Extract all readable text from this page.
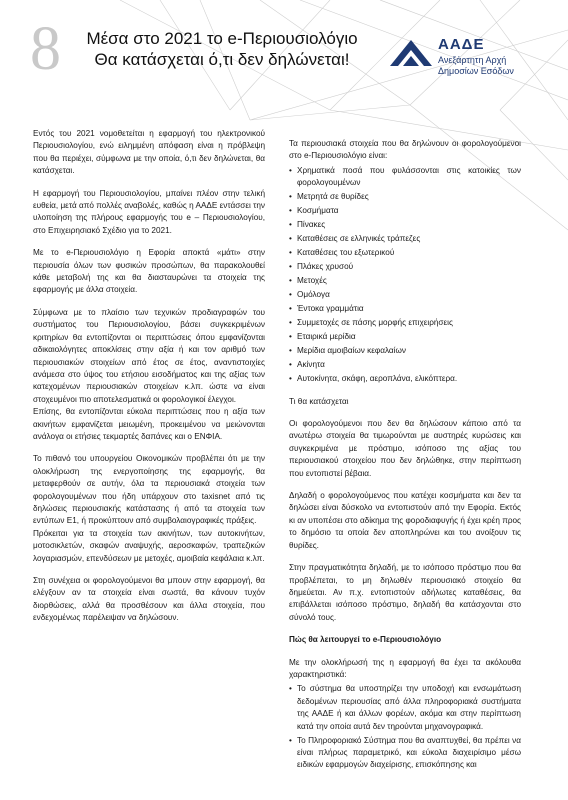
8	Μέσα στο 2021 το e-Περιουσιολόγιο
Θα κατάσχεται ό,τι δεν δηλώνεται!
ΑΑΔΕ
Ανεξάρτητη Αρχή
Δημοσίων Εσόδων

Εντός του 2021 νομοθετείται η εφαρμογή του ηλεκτρονικού Περιουσιολογίου, ενώ ειλημμένη απόφαση είναι η πρόβλεψη που θα περιέχει, σύμφωνα με την οποία, ό,τι δεν δηλώνεται, θα κατάσχεται.

Η εφαρμογή του Περιουσιολογίου, μπαίνει πλέον στην τελική ευθεία, μετά από πολλές αναβολές, καθώς η ΑΑΔΕ εντάσσει την υλοποίηση της πλήρους εφαρμογής του e – Περιουσιολογίου, στο Επιχειρησιακό Σχέδιο για το 2021.

Με το e-Περιουσιολόγιο η Εφορία αποκτά «μάτι» στην περιουσία όλων των φυσικών προσώπων, θα παρακολουθεί κάθε μεταβολή της και θα διασταυρώνει τα στοιχεία της εφαρμογής με άλλα στοιχεία.

Σύμφωνα με το πλαίσιο των τεχνικών προδιαγραφών του συστήματος του Περιουσιολογίου, βάσει συγκεκριμένων κριτηρίων θα εντοπίζονται οι περιπτώσεις όπου εμφανίζονται αδικαιολόγητες αποκλίσεις στην αξία ή και τον αριθμό των περιουσιακών στοιχείων από έτος σε έτος, αναντιστοιχίες ανάμεσα στο ύψος του ετήσιου εισοδήματος και της αξίας των κατεχομένων περιουσιακών στοιχείων κ.λπ. ώστε να είναι στοχευμένοι πιο αποτελεσματικά οι φορολογικοί έλεγχοι.

Επίσης, θα εντοπίζονται εύκολα περιπτώσεις που η αξία των ακινήτων εμφανίζεται μειωμένη, προκειμένου να μειώνονται ανάλογα οι ετήσιες τεκμαρτές δαπάνες και ο ΕΝΦΙΑ.

Το πιθανό του υπουργείου Οικονομικών προβλέπει ότι με την ολοκλήρωση της ενεργοποίησης της εφαρμογής, θα μεταφερθούν σε αυτήν, όλα τα περιουσιακά στοιχεία των φορολογουμένων που ήδη υπάρχουν στο taxisnet από τις δηλώσεις περιουσιακής κατάστασης ή από τα στοιχεία των εντύπων Ε1, ή προκύπτουν από συμβολαιογραφικές πράξεις.

Πρόκειται για τα στοιχεία των ακινήτων, των αυτοκινήτων, μοτοσικλετών, σκαφών αναψυχής, αεροσκαφών, τραπεζικών λογαριασμών, επενδύσεων με μετοχές, αμοιβαία κεφάλαια κ.λπ.

Στη συνέχεια οι φορολογούμενοι θα μπουν στην εφαρμογή, θα ελέγξουν αν τα στοιχεία είναι σωστά, θα κάνουν τυχόν διορθώσεις, αλλά θα προσθέσουν και άλλα στοιχεία, που ενδεχομένως παρέλειψαν να δηλώσουν.

Τα περιουσιακά στοιχεία που θα δηλώνουν οι φορολογούμενοι στο e-Περιουσιολόγιο είναι:

• Χρηματικά ποσά που φυλάσσονται στις κατοικίες των φορολογουμένων
• Μετρητά σε θυρίδες
• Κοσμήματα
• Πίνακες
• Καταθέσεις σε ελληνικές τράπεζες
• Καταθέσεις του εξωτερικού
• Πλάκες χρυσού
• Μετοχές
• Ομόλογα
• Έντοκα γραμμάτια
• Συμμετοχές σε πάσης μορφής επιχειρήσεις
• Εταιρικά μερίδια
• Μερίδια αμοιβαίων κεφαλαίων
• Ακίνητα
• Αυτοκίνητα, σκάφη, αεροπλάνα, ελικόπτερα.

Τι θα κατάσχεται

Οι φορολογούμενοι που δεν θα δηλώσουν κάποιο από τα ανωτέρω στοιχεία θα τιμωρούνται με αυστηρές κυρώσεις και συγκεκριμένα με πρόστιμο, ισόποσο της αξίας του περιουσιακού στοιχείου που δεν δηλώθηκε, στην περίπτωση που εντοπιστεί βέβαια.

Δηλαδή ο φορολογούμενος που κατέχει κοσμήματα και δεν τα δηλώσει είναι δύσκολο να εντοπιστούν από την Εφορία. Εκτός κι αν υποπέσει στο αδίκημα της φοροδιαφυγής ή έχει κρέη προς το δημόσιο τα οποία δεν αποπληρώνει και του ανοίξουν τις θυρίδες.

Στην πραγματικότητα δηλαδή, με το ισόποσο πρόστιμο που θα προβλέπεται, το μη δηλωθέν περιουσιακό στοιχείο θα δημεύεται. Αν π.χ. εντοπιστούν αδήλωτες καταθέσεις, θα επιβάλλεται ισόποσο πρόστιμο, δηλαδή θα κατάσχονται στο σύνολό τους.

Πώς θα λειτουργεί το e-Περιουσιολόγιο

Με την ολοκλήρωσή της η εφαρμογή θα έχει τα ακόλουθα χαρακτηριστικά:

• Το σύστημα θα υποστηρίζει την υποδοχή και ενσωμάτωση δεδομένων περιουσίας από άλλα πληροφοριακά συστήματα της ΑΑΔΕ ή και άλλων φορέων, ακόμα και στην περίπτωση κατά την οποία αυτά δεν τηρούνται μηχανογραφικά.
• Το Πληροφοριακό Σύστημα που θα αναπτυχθεί, θα πρέπει να είναι πλήρως παραμετρικό, και εύκολα διαχειρίσιμο μέσω ειδικών εφαρμογών διαχείρισης, επισκόπησης και
